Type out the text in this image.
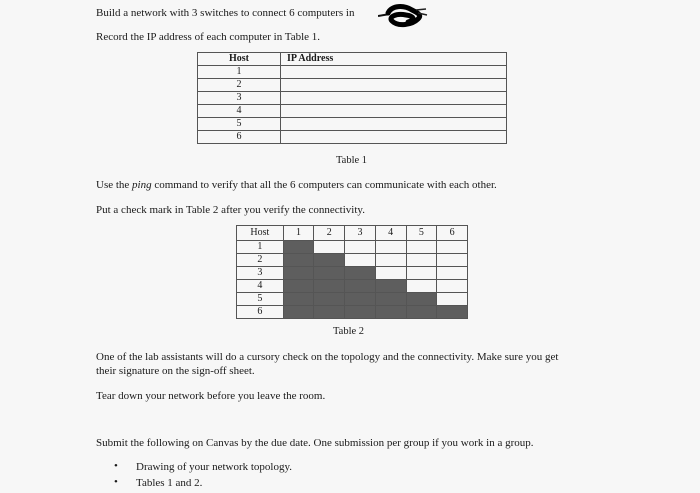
Build a network with 3 switches to connect 6 computers in
Record the IP address of each computer in Table 1.
Host	IP Address
1	
2	
3	
4	
5	
6	
Table 1
Use the ping command to verify that all the 6 computers can communicate with each other.
Put a check mark in Table 2 after you verify the connectivity.
Host	1	2	3	4	5	6
1						
2						
3						
4						
5						
6						
Table 2
One of the lab assistants will do a cursory check on the topology and the connectivity. Make sure you get
their signature on the sign-off sheet.
Tear down your network before you leave the room.
Submit the following on Canvas by the due date. One submission per group if you work in a group.
• Drawing of your network topology.
• Tables 1 and 2.
